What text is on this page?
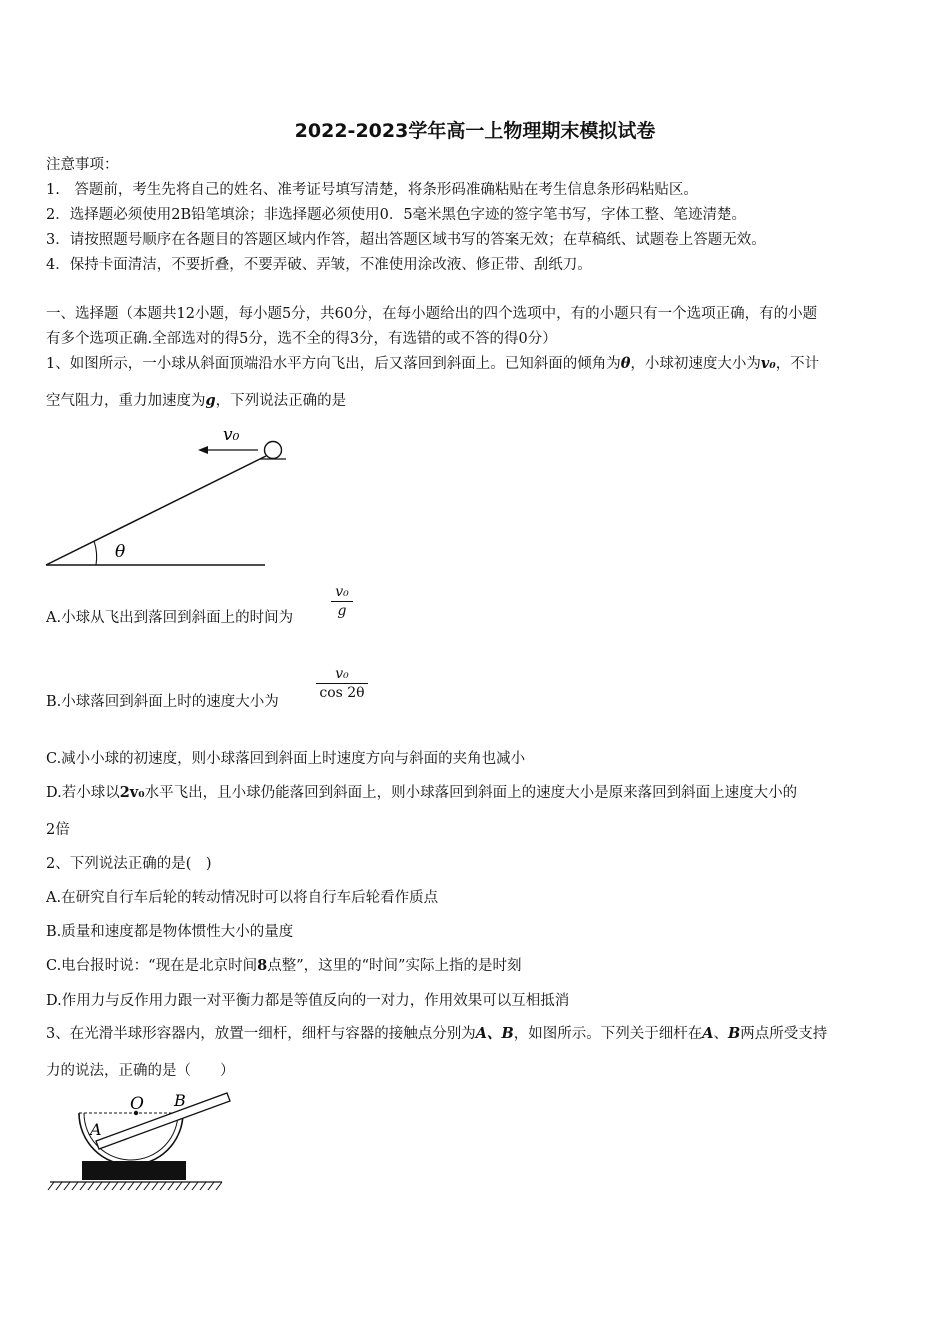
2022-2023学年高一上物理期末模拟试卷
注意事项：
1.　答题前，考生先将自己的姓名、准考证号填写清楚，将条形码准确粘贴在考生信息条形码粘贴区。
2．选择题必须使用2B铅笔填涂；非选择题必须使用0．5毫米黑色字迹的签字笔书写，字体工整、笔迹清楚。
3．请按照题号顺序在各题目的答题区域内作答，超出答题区域书写的答案无效；在草稿纸、试题卷上答题无效。
4．保持卡面清洁，不要折叠，不要弄破、弄皱，不准使用涂改液、修正带、刮纸刀。
一、选择题（本题共12小题，每小题5分，共60分，在每小题给出的四个选项中，有的小题只有一个选项正确，有的小题
有多个选项正确.全部选对的得5分，选不全的得3分，有选错的或不答的得0分）
1、如图所示，一小球从斜面顶端沿水平方向飞出，后又落回到斜面上。已知斜面的倾角为θ，小球初速度大小为v₀，不计
空气阻力，重力加速度为g，下列说法正确的是
v₀
θ
A.小球从飞出到落回到斜面上的时间为
v₀
g
B.小球落回到斜面上时的速度大小为
v₀
cos 2θ
C.减小小球的初速度，则小球落回到斜面上时速度方向与斜面的夹角也减小
D.若小球以2v₀水平飞出，且小球仍能落回到斜面上，则小球落回到斜面上的速度大小是原来落回到斜面上速度大小的
2倍
2、下列说法正确的是(　)
A.在研究自行车后轮的转动情况时可以将自行车后轮看作质点
B.质量和速度都是物体惯性大小的量度
C.电台报时说：“现在是北京时间8点整”，这里的“时间”实际上指的是时刻
D.作用力与反作用力跟一对平衡力都是等值反向的一对力，作用效果可以互相抵消
3、在光滑半球形容器内，放置一细杆，细杆与容器的接触点分别为A、B，如图所示。下列关于细杆在A、B两点所受支持
力的说法，正确的是（　　）
O
A
B
